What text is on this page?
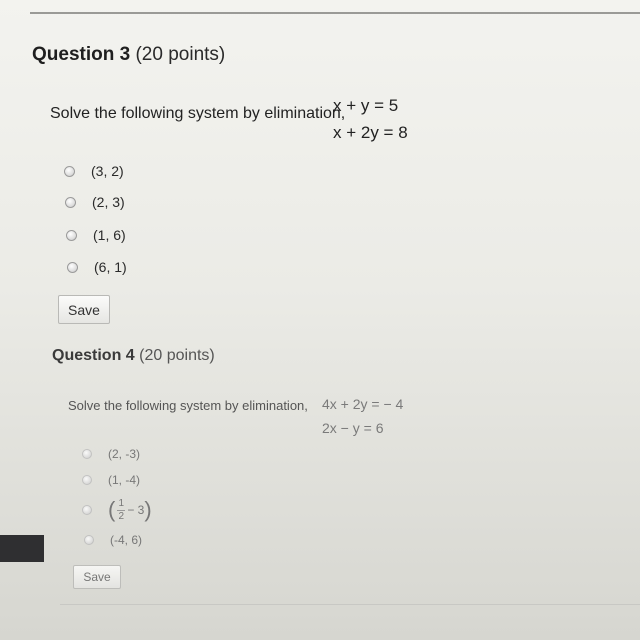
Question 3 (20 points)
Solve the following system by elimination,
x + y = 5
x + 2y = 8
(3, 2)
(2, 3)
(1, 6)
(6, 1)
Save
Question 4 (20 points)
Solve the following system by elimination, 4x + 2y = − 4
2x − y = 6
(2, -3)
(1, -4)
( 1
2 − 3 )
(-4, 6)
Save
